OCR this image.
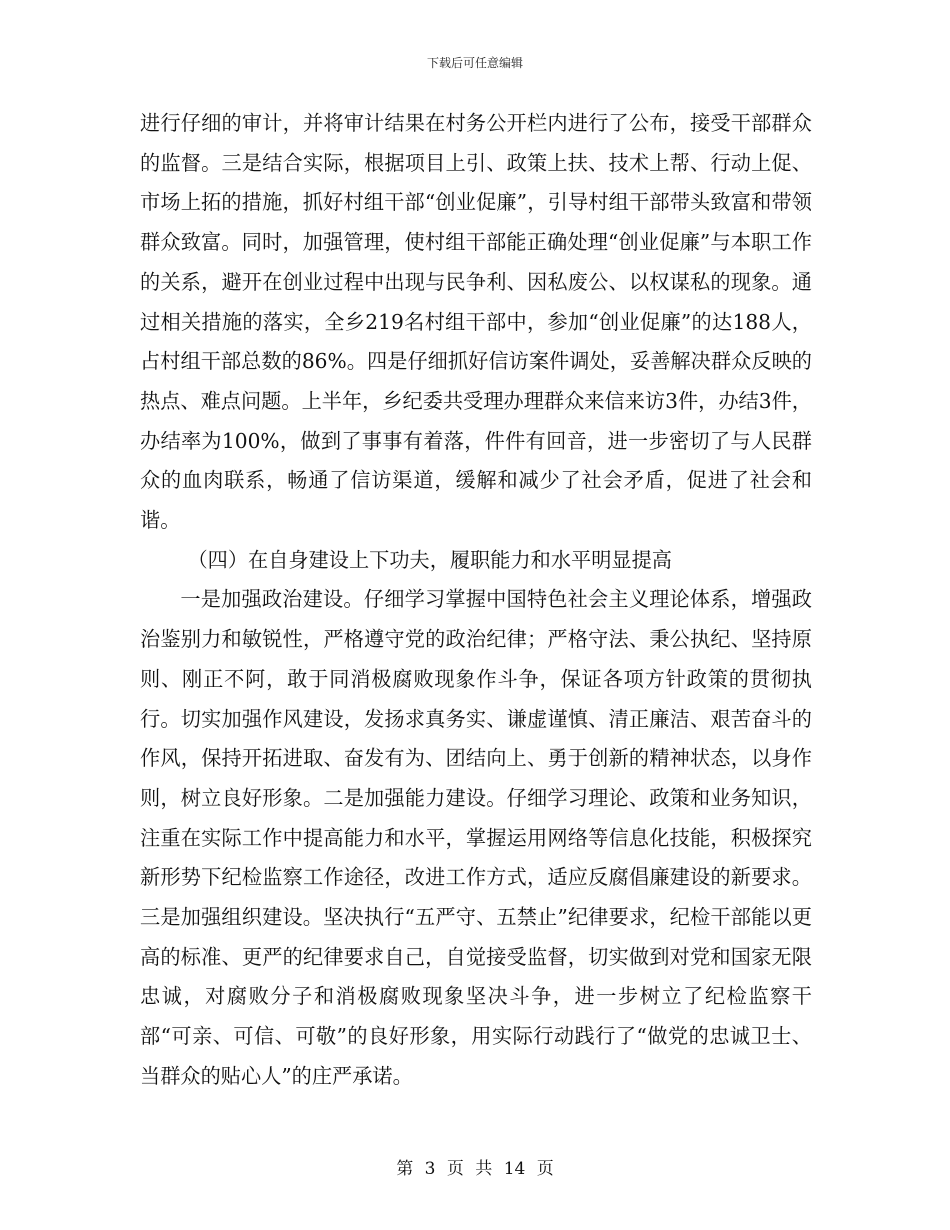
下载后可任意编辑

进行仔细的审计，并将审计结果在村务公开栏内进行了公布，接受干部群众的监督。三是结合实际，根据项目上引、政策上扶、技术上帮、行动上促、市场上拓的措施，抓好村组干部“创业促廉”，引导村组干部带头致富和带领群众致富。同时，加强管理，使村组干部能正确处理“创业促廉”与本职工作的关系，避开在创业过程中出现与民争利、因私废公、以权谋私的现象。通过相关措施的落实，全乡219名村组干部中，参加“创业促廉”的达188人，占村组干部总数的86%。四是仔细抓好信访案件调处，妥善解决群众反映的热点、难点问题。上半年，乡纪委共受理办理群众来信来访3件，办结3件，办结率为100%，做到了事事有着落，件件有回音，进一步密切了与人民群众的血肉联系，畅通了信访渠道，缓解和减少了社会矛盾，促进了社会和谐。

（四）在自身建设上下功夫，履职能力和水平明显提高

一是加强政治建设。仔细学习掌握中国特色社会主义理论体系，增强政治鉴别力和敏锐性，严格遵守党的政治纪律；严格守法、秉公执纪、坚持原则、刚正不阿，敢于同消极腐败现象作斗争，保证各项方针政策的贯彻执行。切实加强作风建设，发扬求真务实、谦虚谨慎、清正廉洁、艰苦奋斗的作风，保持开拓进取、奋发有为、团结向上、勇于创新的精神状态，以身作则，树立良好形象。二是加强能力建设。仔细学习理论、政策和业务知识，注重在实际工作中提高能力和水平，掌握运用网络等信息化技能，积极探究新形势下纪检监察工作途径，改进工作方式，适应反腐倡廉建设的新要求。三是加强组织建设。坚决执行“五严守、五禁止”纪律要求，纪检干部能以更高的标准、更严的纪律要求自己，自觉接受监督，切实做到对党和国家无限忠诚，对腐败分子和消极腐败现象坚决斗争，进一步树立了纪检监察干部“可亲、可信、可敬”的良好形象，用实际行动践行了“做党的忠诚卫士、当群众的贴心人”的庄严承诺。

第 3 页 共 14 页
